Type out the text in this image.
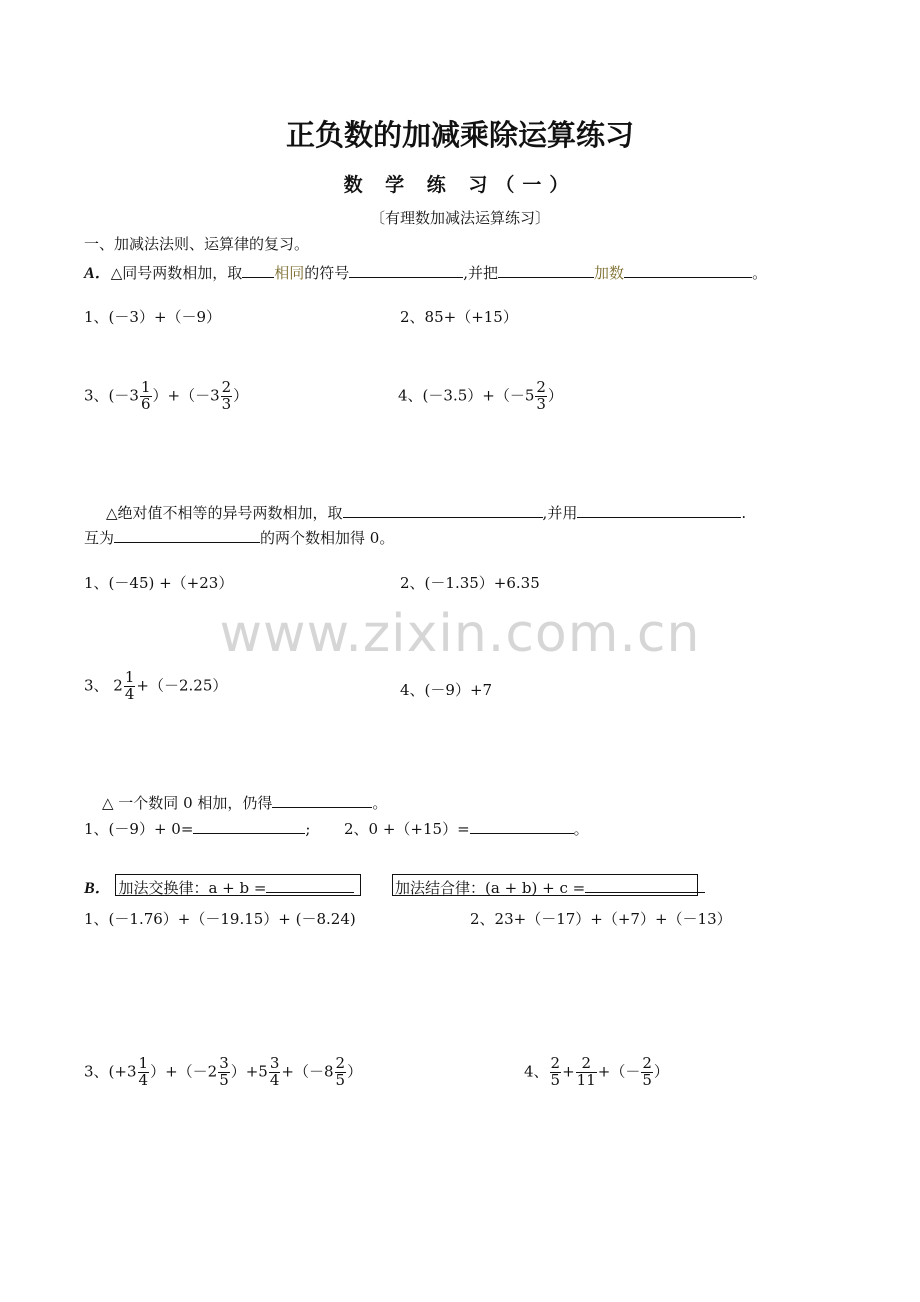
正负数的加减乘除运算练习
数 学 练 习（一）
〔有理数加减法运算练习〕
一、加减法法则、运算律的复习。
A．△同号两数相加，取 相同的符号	,并把	加数	。
1、(－3）+（－9）	2、85+（+15）
3、$(-3 \frac{1}{6} )+(-3 \frac{2}{3}$ ）	4、$(-3.5)+(-5 \frac{2}{3}$ ）
△绝对值不相等的异号两数相加，取	,并用	.
互为	的两个数相加得 0。
1、(－45) +（+23）	2、(－1.35）+6.35
www.zixin.com.cn
3、 $2 \frac{1}{4} +(-2.25)$	4、(－9）+7
△ 一个数同 0 相加，仍得	。
1、(－9）+ 0=	; 2、0 +（+15）=	。
B． 加法交换律：a + b =	加法结合律：(a + b) + c =
1、(－1.76）+（－19.15）+ (－8.24)	2、23+（－17）+（+7）+（－13）
3、$(+3 \frac{1}{4} )+(-2 \frac{3}{5} )+5 \frac{3}{4} +(-8 \frac{2}{5}$ ）	4、 $\frac{2}{5} + \frac{2}{11}$ +（－ $\frac{2}{5}$ ）
